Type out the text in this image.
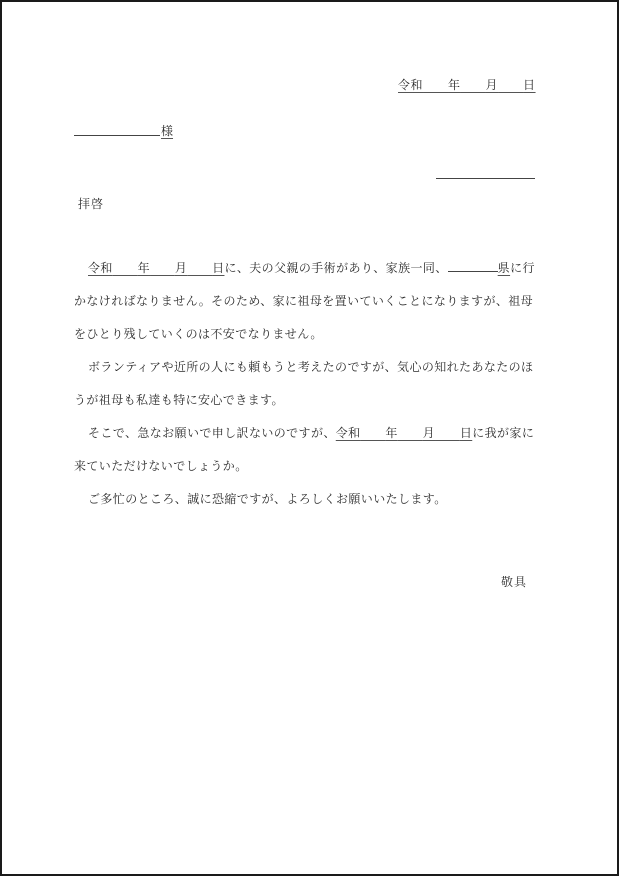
令和   年   月   日
様
拝啓

令和   年   月   日に、夫の父親の手術があり、家族一同、	県に行
かなければなりません。そのため、家に祖母を置いていくことになりますが、祖母
をひとり残していくのは不安でなりません。

ボランティアや近所の人にも頼もうと考えたのですが、気心の知れたあなたのほ
うが祖母も私達も特に安心できます。

そこで、急なお願いで申し訳ないのですが、令和   年   月   日に我が家に
来ていただけないでしょうか。

ご多忙のところ、誠に恐縮ですが、よろしくお願いいたします。

敬具
